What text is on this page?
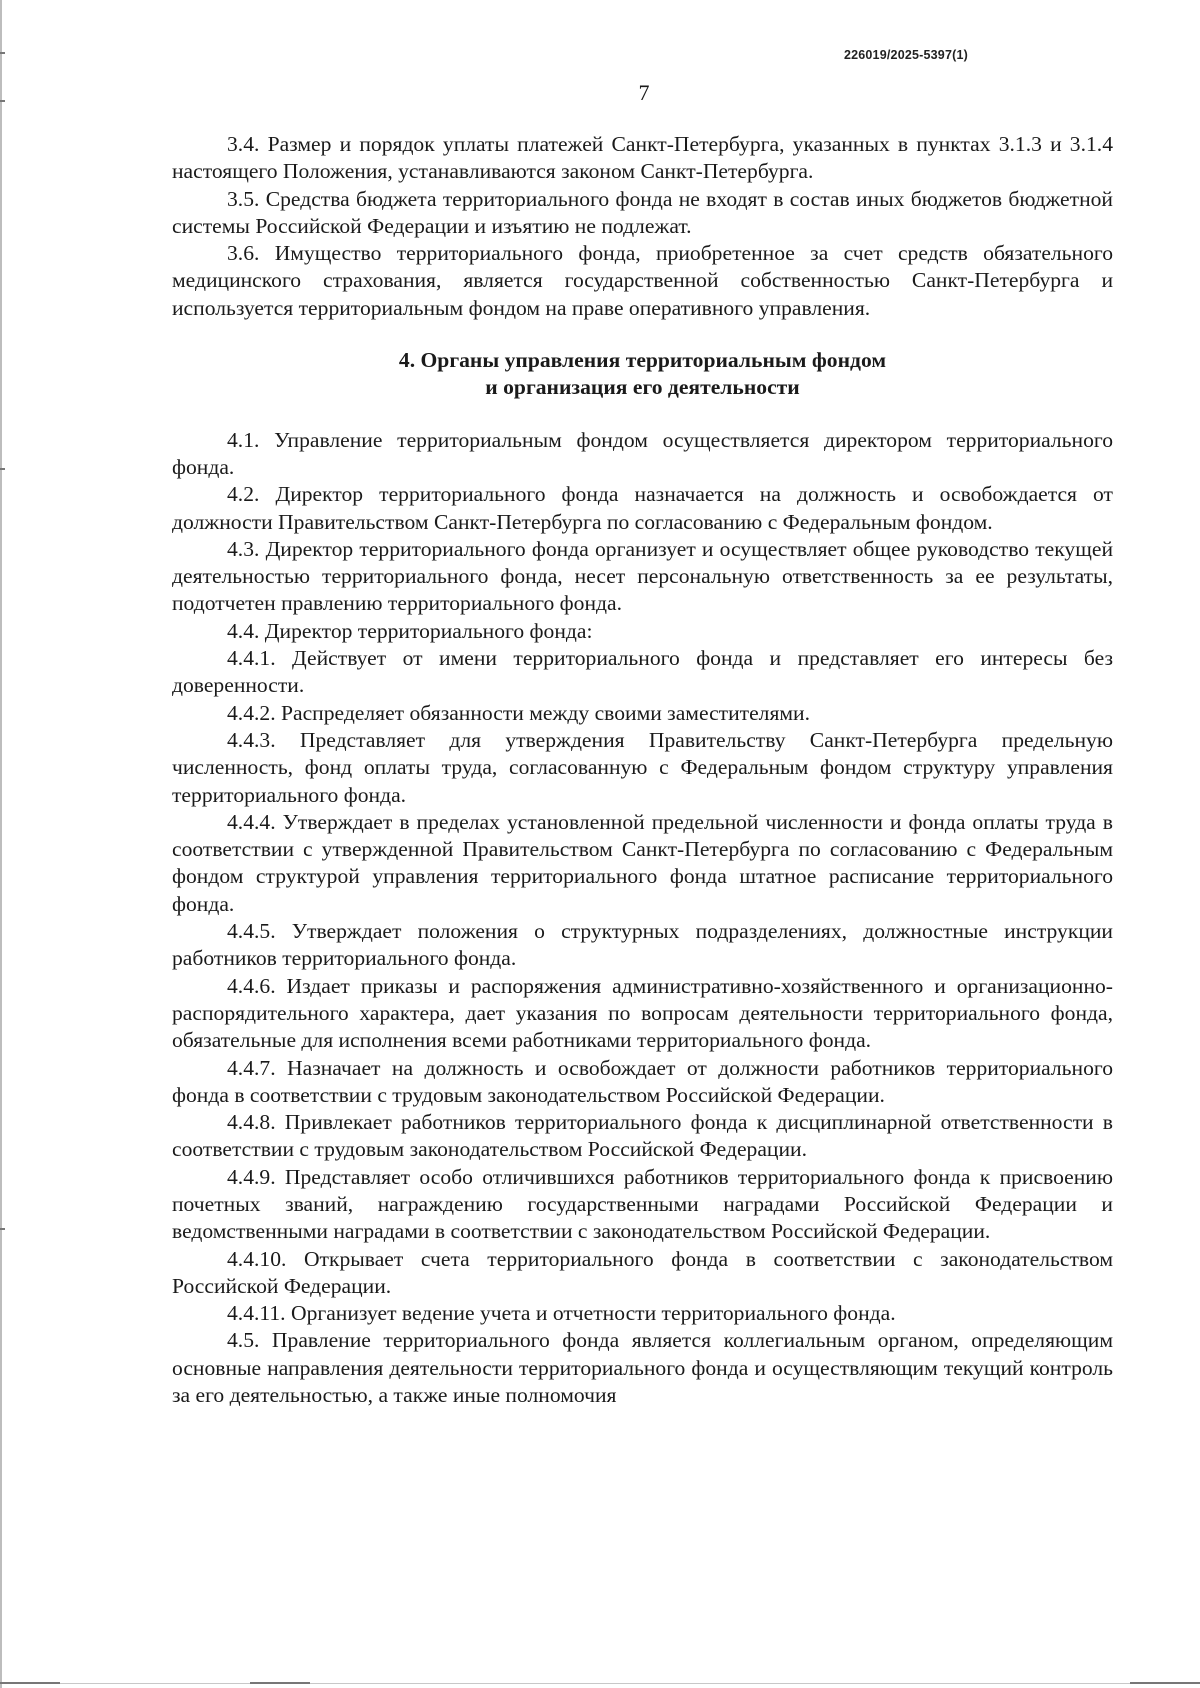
226019/2025-5397(1)
7

3.4. Размер и порядок уплаты платежей Санкт-Петербурга, указанных в пунктах 3.1.3 и 3.1.4 настоящего Положения, устанавливаются законом Санкт-Петербурга.

3.5. Средства бюджета территориального фонда не входят в состав иных бюджетов бюджетной системы Российской Федерации и изъятию не подлежат.

3.6. Имущество территориального фонда, приобретенное за счет средств обязательного медицинского страхования, является государственной собственностью Санкт-Петербурга и используется территориальным фондом на праве оперативного управления.

4. Органы управления территориальным фондом
и организация его деятельности

4.1. Управление территориальным фондом осуществляется директором территориального фонда.

4.2. Директор территориального фонда назначается на должность и освобождается от должности Правительством Санкт-Петербурга по согласованию с Федеральным фондом.

4.3. Директор территориального фонда организует и осуществляет общее руководство текущей деятельностью территориального фонда, несет персональную ответственность за ее результаты, подотчетен правлению территориального фонда.

4.4. Директор территориального фонда:

4.4.1. Действует от имени территориального фонда и представляет его интересы без доверенности.

4.4.2. Распределяет обязанности между своими заместителями.

4.4.3. Представляет для утверждения Правительству Санкт-Петербурга предельную численность, фонд оплаты труда, согласованную с Федеральным фондом структуру управления территориального фонда.

4.4.4. Утверждает в пределах установленной предельной численности и фонда оплаты труда в соответствии с утвержденной Правительством Санкт-Петербурга по согласованию с Федеральным фондом структурой управления территориального фонда штатное расписание территориального фонда.

4.4.5. Утверждает положения о структурных подразделениях, должностные инструкции работников территориального фонда.

4.4.6. Издает приказы и распоряжения административно-хозяйственного и организационно-распорядительного характера, дает указания по вопросам деятельности территориального фонда, обязательные для исполнения всеми работниками территориального фонда.

4.4.7. Назначает на должность и освобождает от должности работников территориального фонда в соответствии с трудовым законодательством Российской Федерации.

4.4.8. Привлекает работников территориального фонда к дисциплинарной ответственности в соответствии с трудовым законодательством Российской Федерации.

4.4.9. Представляет особо отличившихся работников территориального фонда к присвоению почетных званий, награждению государственными наградами Российской Федерации и ведомственными наградами в соответствии с законодательством Российской Федерации.

4.4.10. Открывает счета территориального фонда в соответствии с законодательством Российской Федерации.

4.4.11. Организует ведение учета и отчетности территориального фонда.

4.5. Правление территориального фонда является коллегиальным органом, определяющим основные направления деятельности территориального фонда и осуществляющим текущий контроль за его деятельностью, а также иные полномочия
